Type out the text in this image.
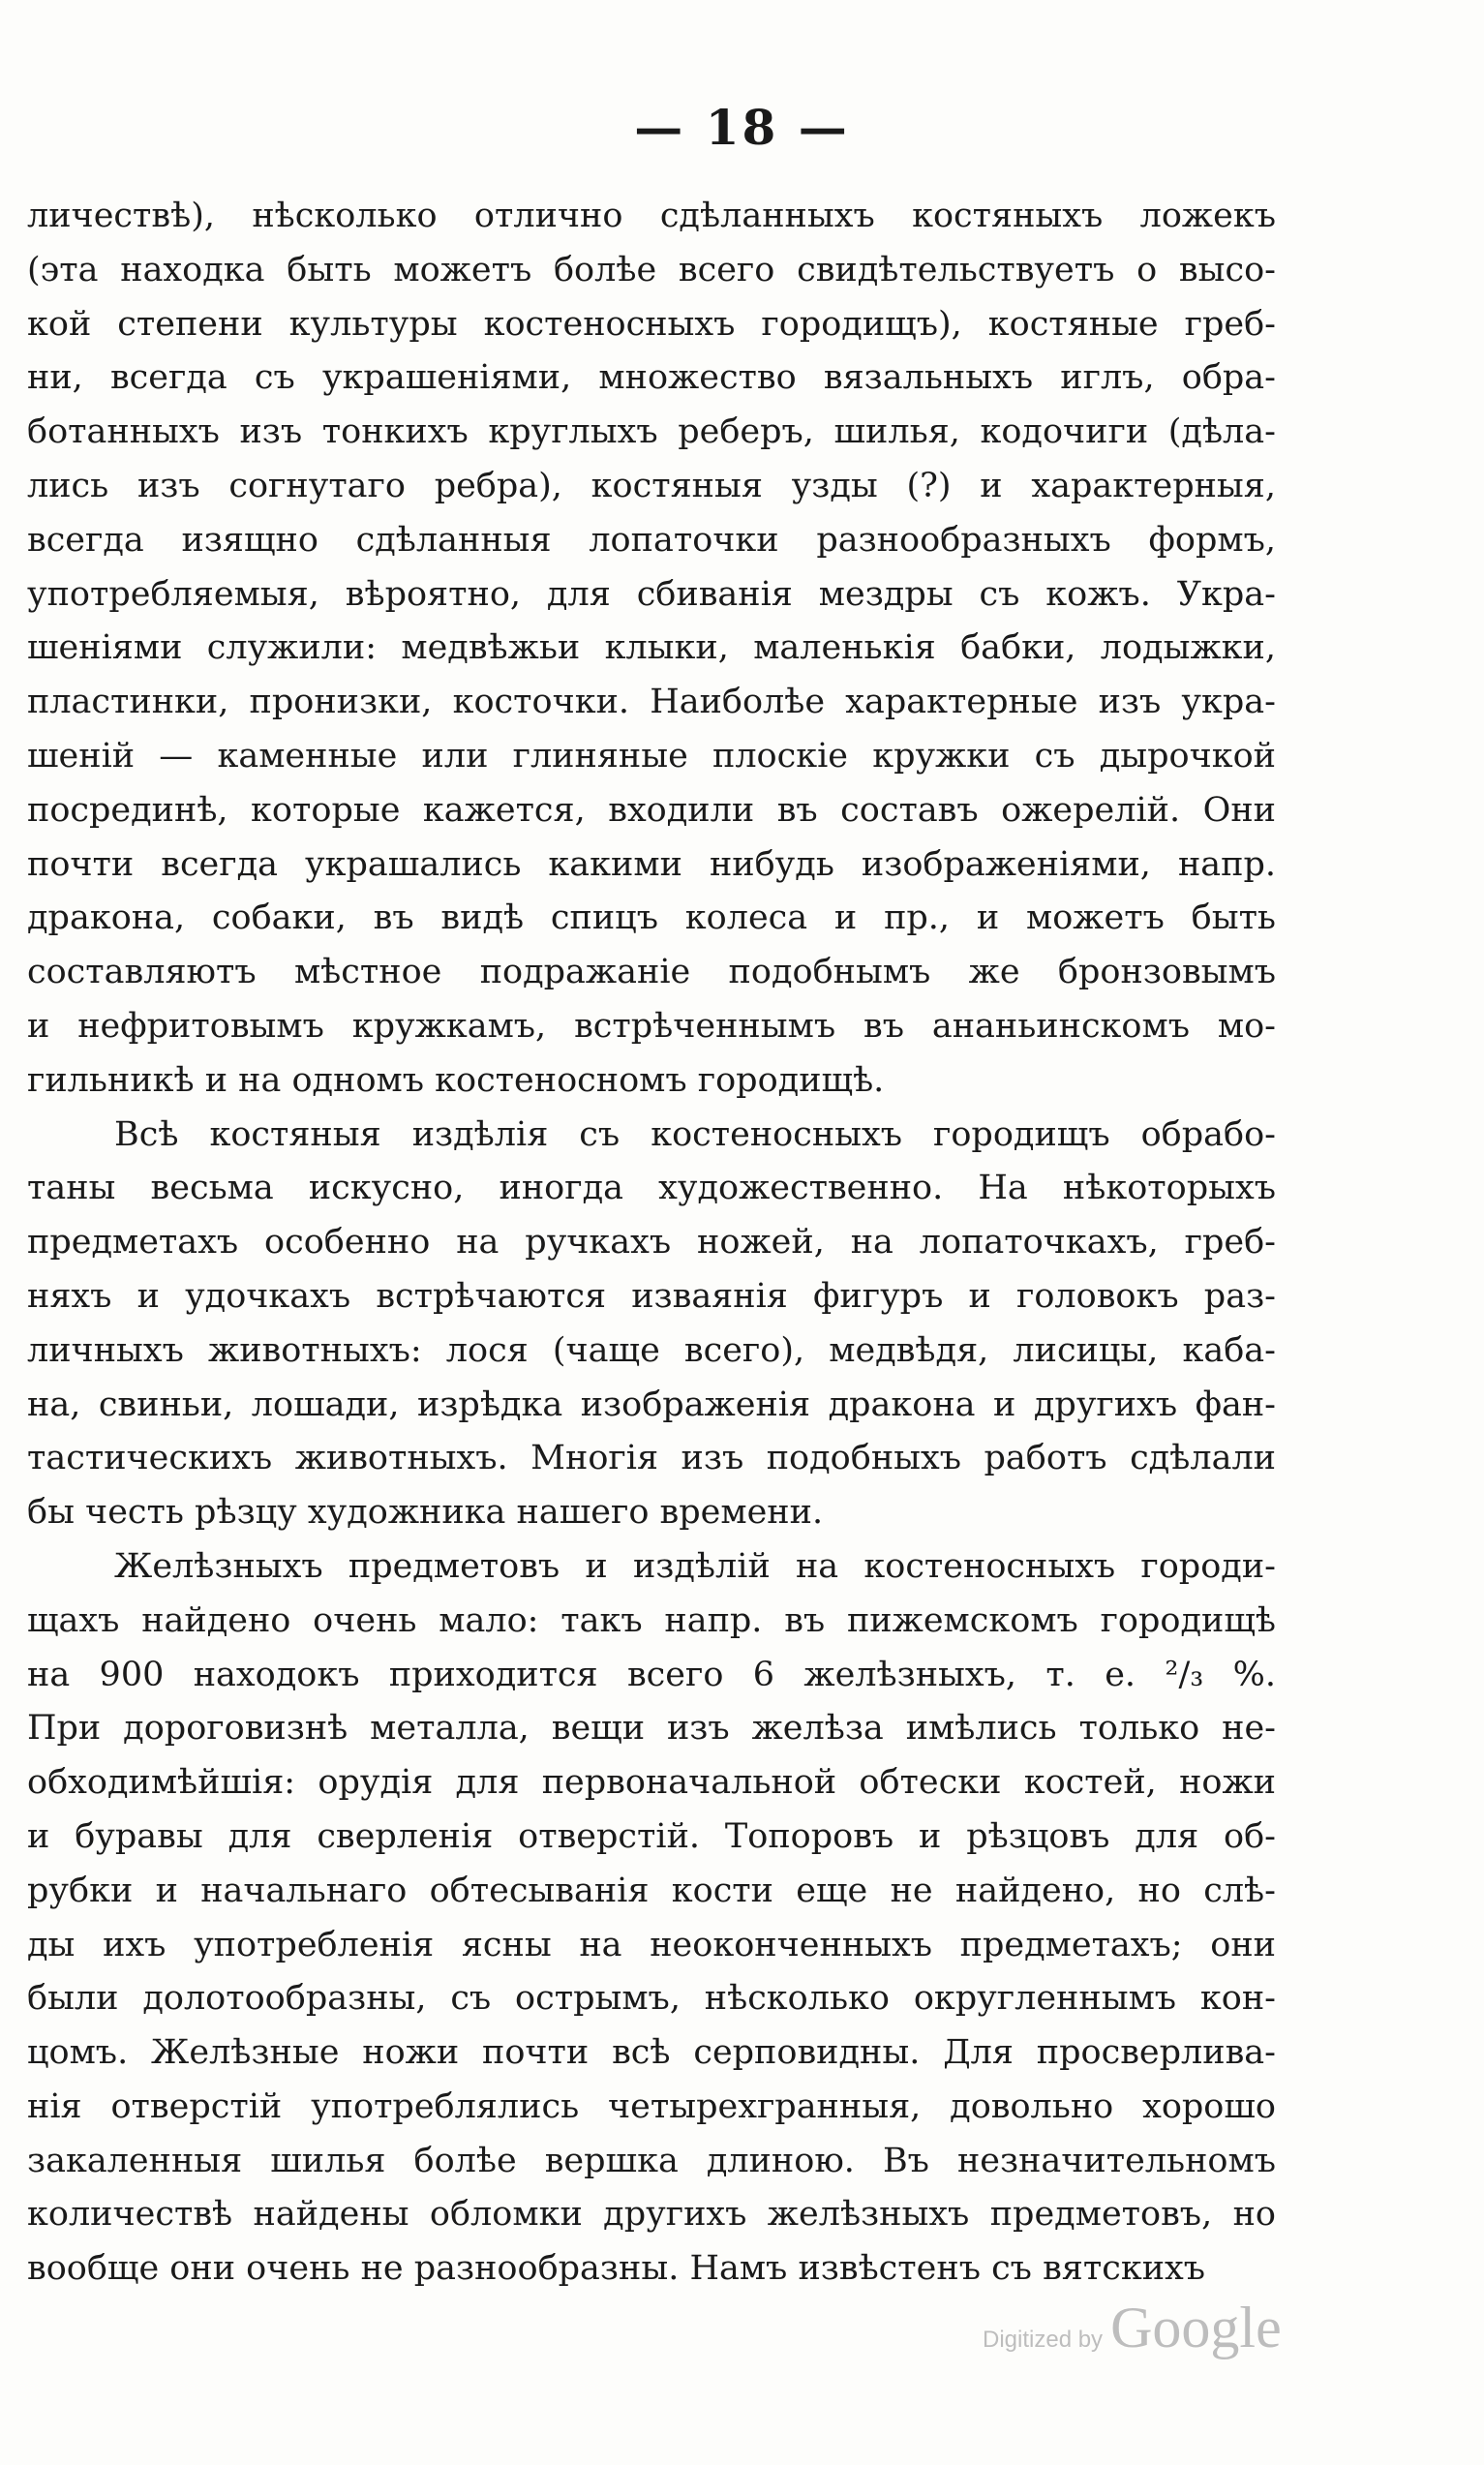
— 18 —
личествѣ), нѣсколько отлично сдѣланныхъ костяныхъ ложекъ
(эта находка быть можетъ болѣе всего свидѣтельствуетъ о высо-
кой степени культуры костеносныхъ городищъ), костяные греб-
ни, всегда съ украшеніями, множество вязальныхъ иглъ, обра-
ботанныхъ изъ тонкихъ круглыхъ реберъ, шилья, кодочиги (дѣла-
лись изъ согнутаго ребра), костяныя узды (?) и характерныя,
всегда изящно сдѣланныя лопаточки разнообразныхъ формъ,
употребляемыя, вѣроятно, для сбиванія мездры съ кожъ. Укра-
шеніями служили: медвѣжьи клыки, маленькія бабки, лодыжки,
пластинки, пронизки, косточки. Наиболѣе характерные изъ укра-
шеній — каменные или глиняные плоскіе кружки съ дырочкой
посрединѣ, которые кажется, входили въ составъ ожерелій. Они
почти всегда украшались какими нибудь изображеніями, напр.
дракона, собаки, въ видѣ спицъ колеса и пр., и можетъ быть
составляютъ мѣстное подражаніе подобнымъ же бронзовымъ
и нефритовымъ кружкамъ, встрѣченнымъ въ ананьинскомъ мо-
гильникѣ и на одномъ костеносномъ городищѣ.
Всѣ костяныя издѣлія съ костеносныхъ городищъ обрабо-
таны весьма искусно, иногда художественно. На нѣкоторыхъ
предметахъ особенно на ручкахъ ножей, на лопаточкахъ, греб-
няхъ и удочкахъ встрѣчаются изваянія фигуръ и головокъ раз-
личныхъ животныхъ: лося (чаще всего), медвѣдя, лисицы, каба-
на, свиньи, лошади, изрѣдка изображенія дракона и другихъ фан-
тастическихъ животныхъ. Многія изъ подобныхъ работъ сдѣлали
бы честь рѣзцу художника нашего времени.
Желѣзныхъ предметовъ и издѣлій на костеносныхъ городи-
щахъ найдено очень мало: такъ напр. въ пижемскомъ городищѣ
на 900 находокъ приходится всего 6 желѣзныхъ, т. е. ²/₃ %.
При дороговизнѣ металла, вещи изъ желѣза имѣлись только не-
обходимѣйшія: орудія для первоначальной обтески костей, ножи
и буравы для сверленія отверстій. Топоровъ и рѣзцовъ для об-
рубки и начальнаго обтесыванія кости еще не найдено, но слѣ-
ды ихъ употребленія ясны на неоконченныхъ предметахъ; они
были долотообразны, съ острымъ, нѣсколько округленнымъ кон-
цомъ. Желѣзные ножи почти всѣ серповидны. Для просверлива-
нія отверстій употреблялись четырехгранныя, довольно хорошо
закаленныя шилья болѣе вершка длиною. Въ незначительномъ
количествѣ найдены обломки другихъ желѣзныхъ предметовъ, но
вообще они очень не разнообразны. Намъ извѣстенъ съ вятскихъ
Digitized by Google
